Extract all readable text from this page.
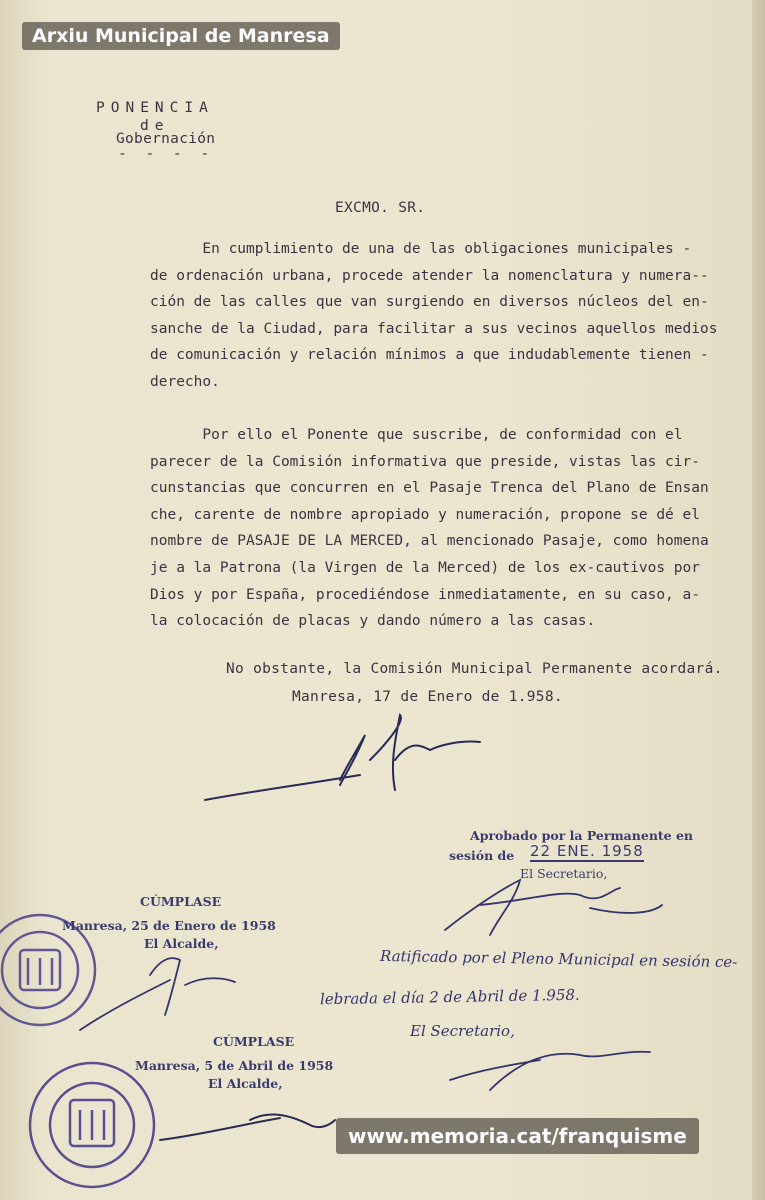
Arxiu Municipal de Manresa
PONENCIA
de
Gobernación
- - - -
EXCMO. SR.
En cumplimiento de una de las obligaciones municipales -
de ordenación urbana, procede atender la nomenclatura y numera--
ción de las calles que van surgiendo en diversos núcleos del en-
sanche de la Ciudad, para facilitar a sus vecinos aquellos medios
de comunicación y relación mínimos a que indudablemente tienen -
derecho.
Por ello el Ponente que suscribe, de conformidad con el
parecer de la Comisión informativa que preside, vistas las cir-
cunstancias que concurren en el Pasaje Trenca del Plano de Ensan
che, carente de nombre apropiado y numeración, propone se dé el
nombre de PASAJE DE LA MERCED, al mencionado Pasaje, como homena
je a la Patrona (la Virgen de la Merced) de los ex-cautivos por
Dios y por España, procediéndose inmediatamente, en su caso, a-
la colocación de placas y dando número a las casas.
No obstante, la Comisión Municipal Permanente acordará.
Manresa, 17 de Enero de 1.958.
Aprobado por la Permanente en
sesión de 22 ENE. 1958
El Secretario,
CÚMPLASE
Manresa, 25 de Enero de 1958
El Alcalde,
Ratificado por el Pleno Municipal en sesión ce-
lebrada el día 2 de Abril de 1.958.
El Secretario,
CÚMPLASE
Manresa, 5 de Abril de 1958
El Alcalde,
www.memoria.cat/franquisme
